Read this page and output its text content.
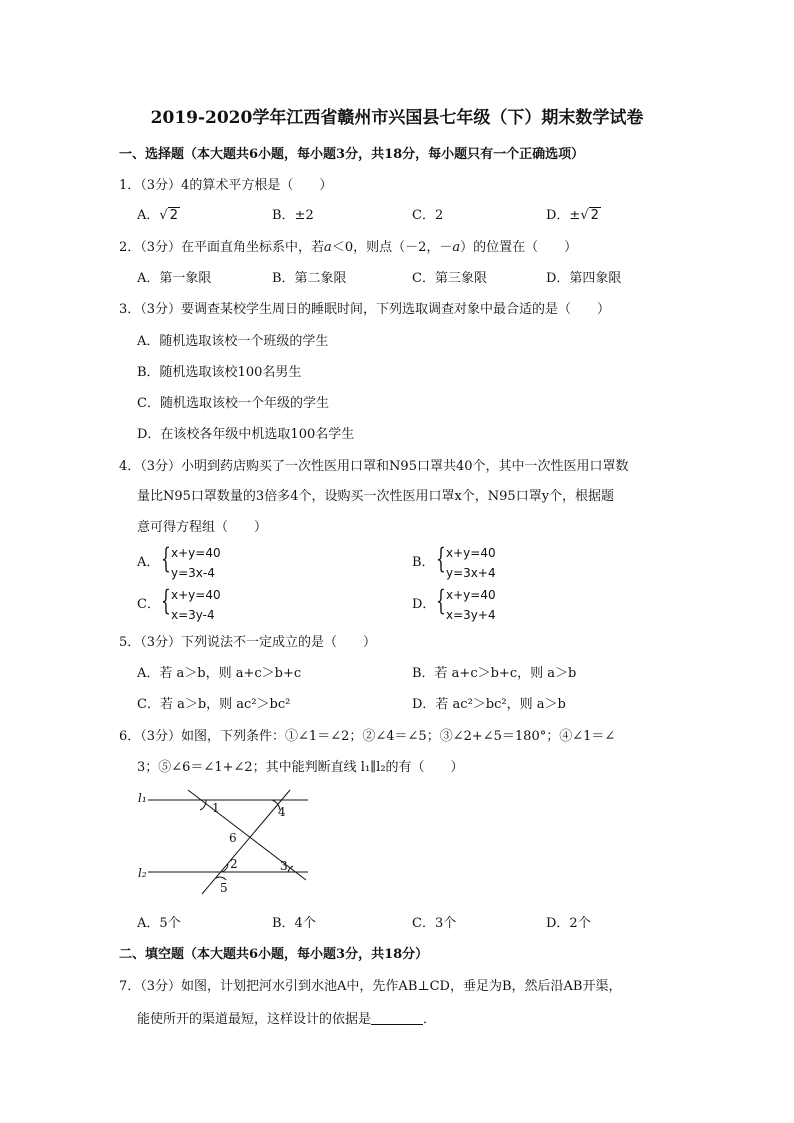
2019-2020学年江西省赣州市兴国县七年级（下）期末数学试卷
一、选择题（本大题共6小题，每小题3分，共18分，每小题只有一个正确选项）
1．（3分）4的算术平方根是（　　）
A．√ 2	B．±2	C．2	D．±√ 2
2．（3分）在平面直角坐标系中，若a＜0，则点（－2，－a）的位置在（　　）
A．第一象限	B．第二象限	C．第三象限	D．第四象限
3．（3分）要调查某校学生周日的睡眠时间，下列选取调查对象中最合适的是（　　）
A．随机选取该校一个班级的学生
B．随机选取该校100名男生
C．随机选取该校一个年级的学生
D．在该校各年级中机选取100名学生
4．（3分）小明到药店购买了一次性医用口罩和N95口罩共40个，其中一次性医用口罩数
量比N95口罩数量的3倍多4个，设购买一次性医用口罩x个，N95口罩y个，根据题
意可得方程组（　　）
A． { x+y=40
y=3x-4
B． { x+y=40
y=3x+4
C． { x+y=40
x=3y-4
D． { x+y=40
x=3y+4
5．（3分）下列说法不一定成立的是（　　）
A．若 a＞b，则 a+c＞b+c	B．若 a+c＞b+c，则 a＞b
C．若 a＞b，则 ac²＞bc²	D．若 ac²＞bc²，则 a＞b
6．（3分）如图，下列条件：①∠1＝∠2；②∠4＝∠5；③∠2+∠5＝180°；④∠1＝∠
3；⑤∠6＝∠1+∠2；其中能判断直线 l₁∥l₂的有（　　）
l₁
l₂
1	4
6
2	3
5
A．5个	B．4个	C．3个	D．2个
二、填空题（本大题共6小题，每小题3分，共18分）
7．（3分）如图，计划把河水引到水池A中，先作AB⊥CD，垂足为B，然后沿AB开渠，
能使所开的渠道最短，这样设计的依据是	．
